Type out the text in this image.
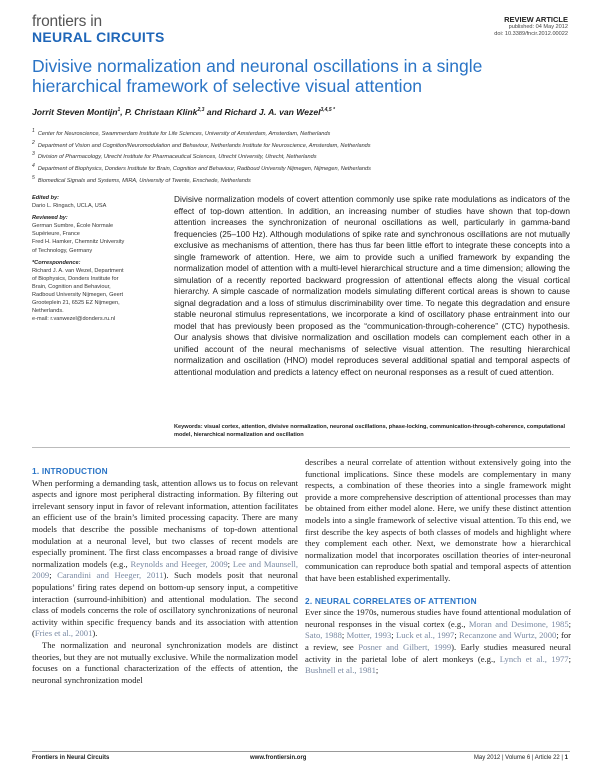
frontiers in
NEURAL CIRCUITS
REVIEW ARTICLE
published: 04 May 2012
doi: 10.3389/fncir.2012.00022
Divisive normalization and neuronal oscillations in a single hierarchical framework of selective visual attention
Jorrit Steven Montijn$^1$, P. Christaan Klink$^{2,3}$ and Richard J. A. van Wezel$^{3,4,5 *}$
$^1$ Center for Neuroscience, Swammerdam Institute for Life Sciences, University of Amsterdam, Amsterdam, Netherlands
$^2$ Department of Vision and Cognition/Neuromodulation and Behaviour, Netherlands Institute for Neuroscience, Amsterdam, Netherlands
$^3$ Division of Pharmacology, Utrecht Institute for Pharmaceutical Sciences, Utrecht University, Utrecht, Netherlands
$^4$ Department of Biophysics, Donders Institute for Brain, Cognition and Behaviour, Radboud University Nijmegen, Nijmegen, Netherlands
$^5$ Biomedical Signals and Systems, MIRA, University of Twente, Enschede, Netherlands
Edited by:
Dario L. Ringach, UCLA, USA
Reviewed by:
German Sumbre, École Normale
Supérieure, France
Fred H. Hamker, Chemnitz University
of Technology, Germany
*Correspondence:
Richard J. A. van Wezel, Department
of Biophysics, Donders Institute for
Brain, Cognition and Behaviour,
Radboud University Nijmegen, Geert
Grooteplein 21, 6525 EZ Nijmegen,
Netherlands.
e-mail: r.vanwezel@donders.ru.nl
Divisive normalization models of covert attention commonly use spike rate modulations as indicators of the effect of top-down attention. In addition, an increasing number of studies have shown that top-down attention increases the synchronization of neuronal oscillations as well, particularly in gamma-band frequencies (25–100 Hz). Although modulations of spike rate and synchronous oscillations are not mutually exclusive as mechanisms of attention, there has thus far been little effort to integrate these concepts into a single framework of attention. Here, we aim to provide such a unified framework by expanding the normalization model of attention with a multi-level hierarchical structure and a time dimension; allowing the simulation of a recently reported backward progression of attentional effects along the visual cortical hierarchy. A simple cascade of normalization models simulating different cortical areas is shown to cause signal degradation and a loss of stimulus discriminability over time. To negate this degradation and ensure stable neuronal stimulus representations, we incorporate a kind of oscillatory phase entrainment into our model that has previously been proposed as the “communication-through-coherence” (CTC) hypothesis. Our analysis shows that divisive normalization and oscillation models can complement each other in a unified account of the neural mechanisms of selective visual attention. The resulting hierarchical normalization and oscillation (HNO) model reproduces several additional spatial and temporal aspects of attentional modulation and predicts a latency effect on neuronal responses as a result of cued attention.
Keywords: visual cortex, attention, divisive normalization, neuronal oscillations, phase-locking, communication-through-coherence, computational model, hierarchical normalization and oscillation
1. INTRODUCTION

When performing a demanding task, attention allows us to focus on relevant aspects and ignore most peripheral distracting information. By filtering out irrelevant sensory input in favor of relevant information, attention facilitates an efficient use of the brain’s limited processing capacity. There are many models that describe the possible mechanisms of top-down attentional modulation at a neuronal level, but two classes of recent models are especially prominent. The first class encompasses a broad range of divisive normalization models (e.g., Reynolds and Heeger, 2009; Lee and Maunsell, 2009; Carandini and Heeger, 2011). Such models posit that neuronal populations’ firing rates depend on bottom-up sensory input, a competitive interaction (surround-inhibition) and attentional modulation. The second class of models concerns the role of oscillatory synchronizations of neuronal activity within specific frequency bands and its association with attention (Fries et al., 2001).

The normalization and neuronal synchronization models are distinct theories, but they are not mutually exclusive. While the normalization model focuses on a functional characterization of the effects of attention, the neuronal synchronization model

describes a neural correlate of attention without extensively going into the functional implications. Since these models are complementary in many respects, a combination of these theories into a single framework might provide a more comprehensive description of attentional processes than may be obtained from either model alone. Here, we unify these distinct attention models into a single framework of selective visual attention. To this end, we first describe the key aspects of both classes of models and highlight where they complement each other. Next, we demonstrate how a hierarchical normalization model that incorporates oscillation theories of inter-neuronal communication can reproduce both spatial and temporal aspects of attention that have been established experimentally.

2. NEURAL CORRELATES OF ATTENTION

Ever since the 1970s, numerous studies have found attentional modulation of neuronal responses in the visual cortex (e.g., Moran and Desimone, 1985; Sato, 1988; Motter, 1993; Luck et al., 1997; Recanzone and Wurtz, 2000; for a review, see Posner and Gilbert, 1999). Early studies measured neural activity in the parietal lobe of alert monkeys (e.g., Lynch et al., 1977; Bushnell et al., 1981;

Frontiers in Neural Circuits	www.frontiersin.org	May 2012 | Volume 6 | Article 22 | 1
